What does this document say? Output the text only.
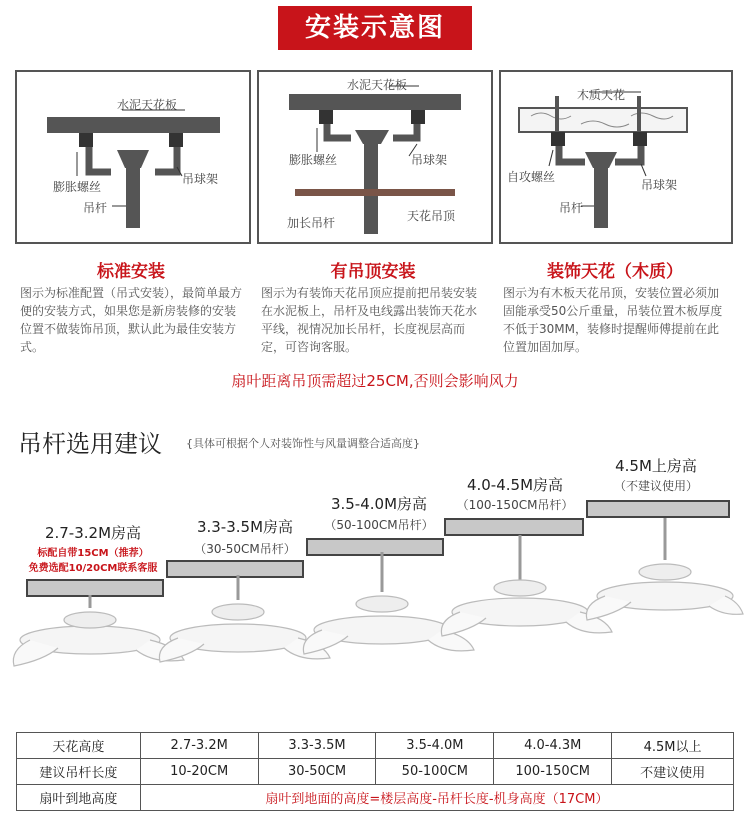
安装示意图
水泥天花板
膨胀螺丝
吊球架
吊杆
水泥天花板
膨胀螺丝	吊球架
加长吊杆	天花吊顶
木质天花
自攻螺丝
吊球架
吊杆
标准安装	有吊顶安装	装饰天花（木质）
图示为标准配置（吊式安装），最简单最方便的安装方式，如果您是新房装修的安装位置不做装饰吊顶，默认此为最佳安装方式。
图示为有装饰天花吊顶应提前把吊装安装在水泥板上，吊杆及电线露出装饰天花水平线，视情况加长吊杆，长度视层高而定，可咨询客服。
图示为有木板天花吊顶，安装位置必须加固能承受50公斤重量，吊装位置木板厚度不低于30MM，装修时提醒师傅提前在此位置加固加厚。
扇叶距离吊顶需超过25CM,否则会影响风力
吊杆选用建议 {具体可根据个人对装饰性与风量调整合适高度}
2.7-3.2M房高
标配自带15CM（推荐）
免费选配10/20CM联系客服
3.3-3.5M房高
（30-50CM吊杆）
3.5-4.0M房高
（50-100CM吊杆）
4.0-4.5M房高
（100-150CM吊杆）
4.5M上房高
（不建议使用）
天花高度	2.7-3.2M	3.3-3.5M	3.5-4.0M	4.0-4.3M	4.5M以上
建议吊杆长度	10-20CM	30-50CM	50-100CM	100-150CM	不建议使用
扇叶到地高度	扇叶到地面的高度=楼层高度-吊杆长度-机身高度（17CM）				
